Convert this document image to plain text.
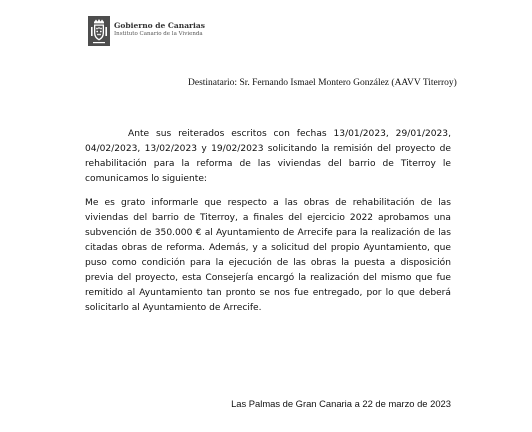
Gobierno de Canarias
Instituto Canario de la Vivienda
Destinatario: Sr. Fernando Ismael Montero González (AAVV Titerroy)

Ante sus reiterados escritos con fechas 13/01/2023, 29/01/2023, 04/02/2023, 13/02/2023 y 19/02/2023 solicitando la remisión del proyecto de rehabilitación para la reforma de las viviendas del barrio de Titerroy le comunicamos lo siguiente:

Me es grato informarle que respecto a las obras de rehabilitación de las viviendas del barrio de Titerroy, a finales del ejercicio 2022 aprobamos una subvención de 350.000 € al Ayuntamiento de Arrecife para la realización de las citadas obras de reforma. Además, y a solicitud del propio Ayuntamiento, que puso como condición para la ejecución de las obras la puesta a disposición previa del proyecto, esta Consejería encargó la realización del mismo que fue remitido al Ayuntamiento tan pronto se nos fue entregado, por lo que deberá solicitarlo al Ayuntamiento de Arrecife.

Las Palmas de Gran Canaria a 22 de marzo de 2023
